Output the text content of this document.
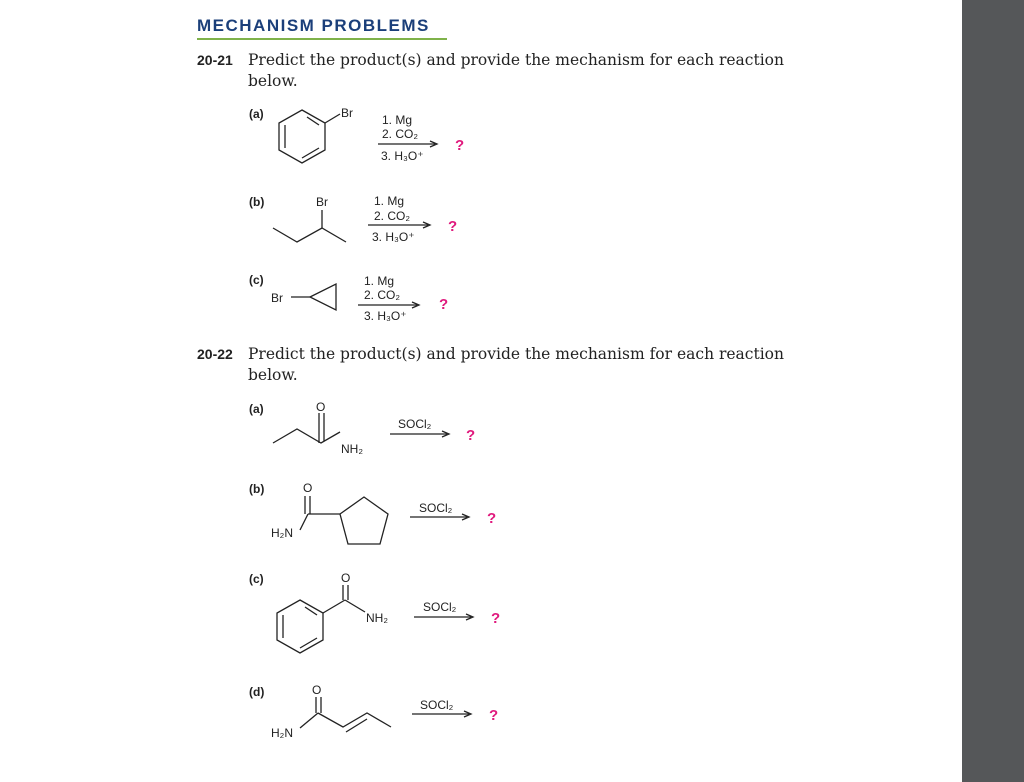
MECHANISM PROBLEMS
20-21 Predict the product(s) and provide the mechanism for each reaction below.
(a)
(b)
(c)
20-22 Predict the product(s) and provide the mechanism for each reaction below.
(a)
(b)
(c)
(d)
Br 1. Mg
2. CO₂
3. H₃O⁺
?
Br	1. Mg
2. CO₂
3. H₃O⁺
?
Br
1. Mg
2. CO₂
3. H₃O⁺
?
O
NH₂
SOCl₂
?
O
H₂N
SOCl₂
?
O
NH₂
SOCl₂
?
O
H₂N
SOCl₂
?
